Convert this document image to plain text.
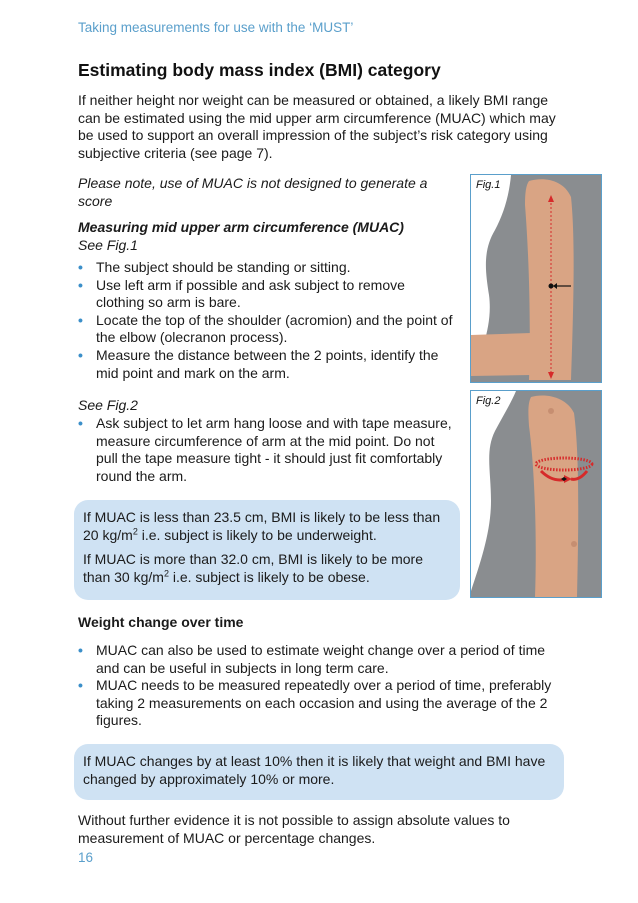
Taking measurements for use with the ‘MUST’
Estimating body mass index (BMI) category
If neither height nor weight can be measured or obtained, a likely BMI range can be estimated using the mid upper arm circumference (MUAC) which may be used to support an overall impression of the subject’s risk category using subjective criteria (see page 7).
Please note, use of MUAC is not designed to generate a score
Measuring mid upper arm circumference (MUAC)
See Fig.1
• The subject should be standing or sitting.
• Use left arm if possible and ask subject to remove clothing so arm is bare.
• Locate the top of the shoulder (acromion) and the point of the elbow (olecranon process).
• Measure the distance between the 2 points, identify the mid point and mark on the arm.
See Fig.2
• Ask subject to let arm hang loose and with tape measure, measure circumference of arm at the mid point. Do not pull the tape measure tight - it should just fit comfortably round the arm.
If MUAC is less than 23.5 cm, BMI is likely to be less than 20 $kg/m^2$ i.e. subject is likely to be underweight.
If MUAC is more than 32.0 cm, BMI is likely to be more than 30 $kg/m^2$ i.e. subject is likely to be obese.
Weight change over time
• MUAC can also be used to estimate weight change over a period of time and can be useful in subjects in long term care.
• MUAC needs to be measured repeatedly over a period of time, preferably taking 2 measurements on each occasion and using the average of the 2 figures.
If MUAC changes by at least 10% then it is likely that weight and BMI have changed by approximately 10% or more.
Without further evidence it is not possible to assign absolute values to measurement of MUAC or percentage changes.
16
Fig.1
Fig.2
